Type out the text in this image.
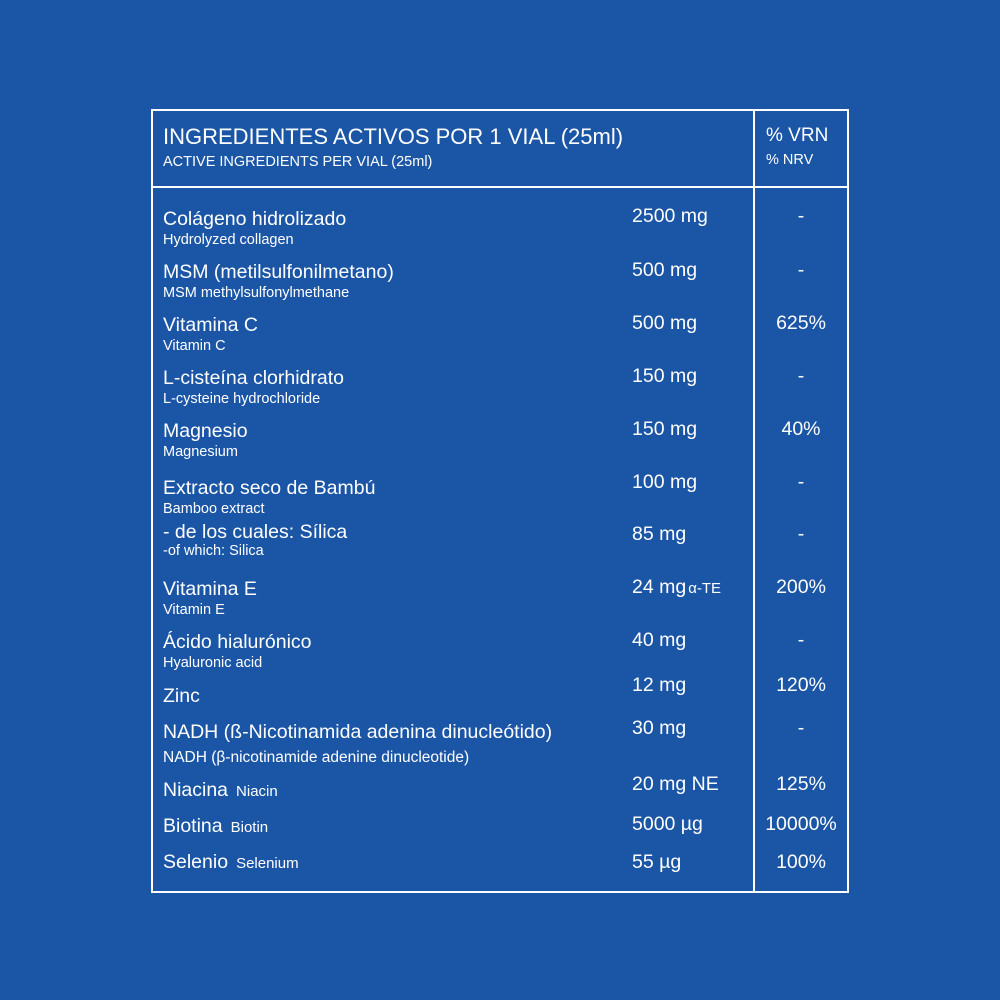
INGREDIENTES ACTIVOS POR 1 VIAL (25ml)
ACTIVE INGREDIENTS PER VIAL (25ml)
% VRN
% NRV
Colágeno hidrolizado
Hydrolyzed collagen
2500 mg	-
MSM (metilsulfonilmetano)
MSM methylsulfonylmethane
500 mg	-
Vitamina C
Vitamin C
500 mg	625%
L-cisteína clorhidrato
L-cysteine hydrochloride
150 mg	-
Magnesio
Magnesium
150 mg	40%
Extracto seco de Bambú
Bamboo extract
100 mg	-
- de los cuales: Sílica
-of which: Silica
85 mg	-
Vitamina E
Vitamin E
24 mg α-TE	200%
Ácido hialurónico
Hyaluronic acid
40 mg	-
Zinc	12 mg	120%
NADH (ß-Nicotinamida adenina dinucleótido)
NADH (β-nicotinamide adenine dinucleotide)
30 mg	-
Niacina Niacin	20 mg NE	125%
Biotina Biotin	5000 µg	10000%
Selenio Selenium	55 µg	100%
